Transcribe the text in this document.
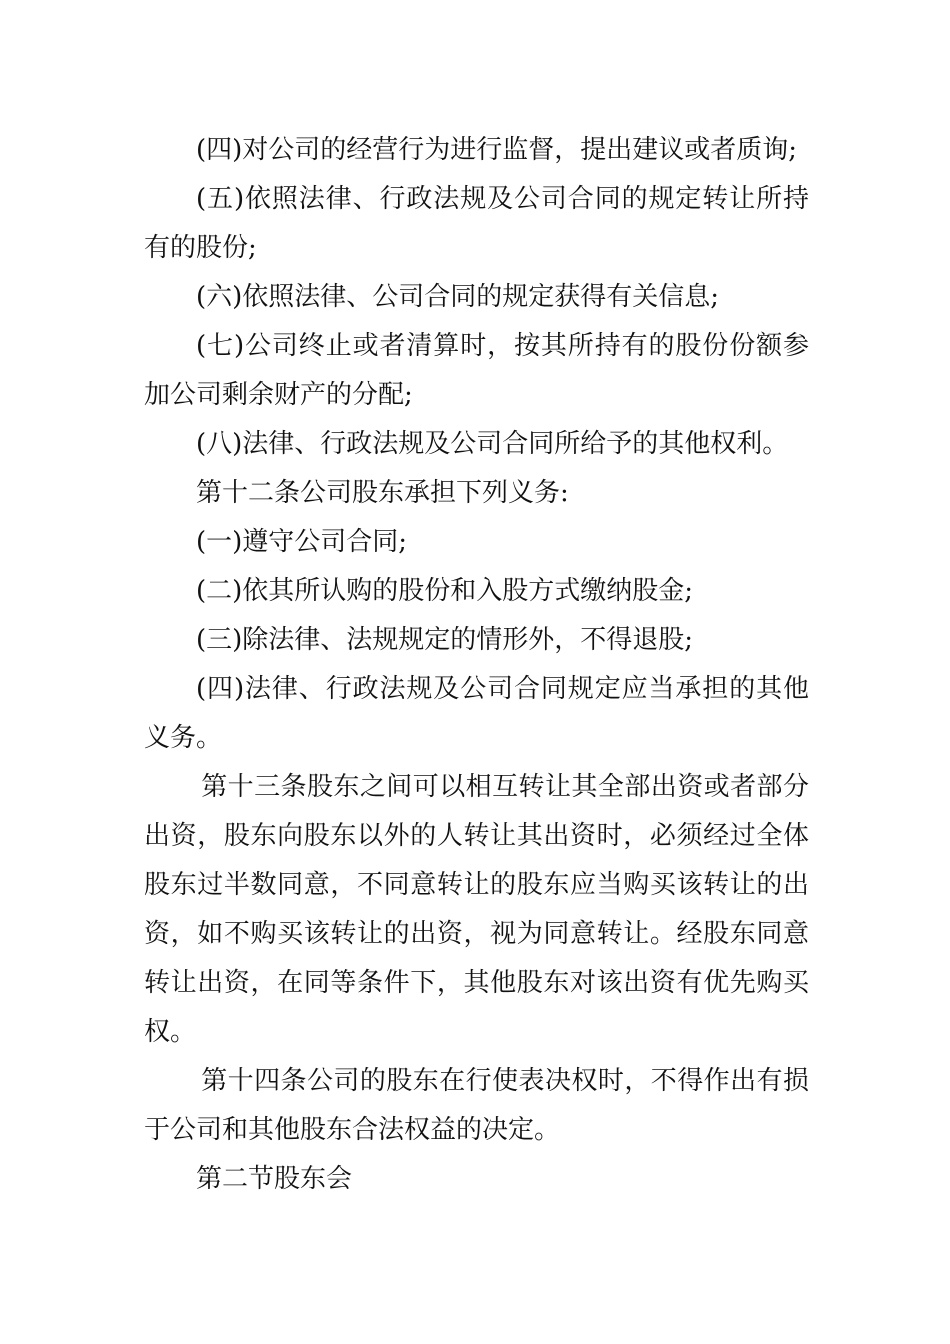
(四)对公司的经营行为进行监督，提出建议或者质询;

(五)依照法律、行政法规及公司合同的规定转让所持有的股份;

(六)依照法律、公司合同的规定获得有关信息;

(七)公司终止或者清算时，按其所持有的股份份额参加公司剩余财产的分配;

(八)法律、行政法规及公司合同所给予的其他权利。

第十二条公司股东承担下列义务:

(一)遵守公司合同;

(二)依其所认购的股份和入股方式缴纳股金;

(三)除法律、法规规定的情形外，不得退股;

(四)法律、行政法规及公司合同规定应当承担的其他义务。

第十三条股东之间可以相互转让其全部出资或者部分出资，股东向股东以外的人转让其出资时，必须经过全体股东过半数同意，不同意转让的股东应当购买该转让的出资，如不购买该转让的出资，视为同意转让。经股东同意转让出资，在同等条件下，其他股东对该出资有优先购买权。

第十四条公司的股东在行使表决权时，不得作出有损于公司和其他股东合法权益的决定。

第二节股东会
